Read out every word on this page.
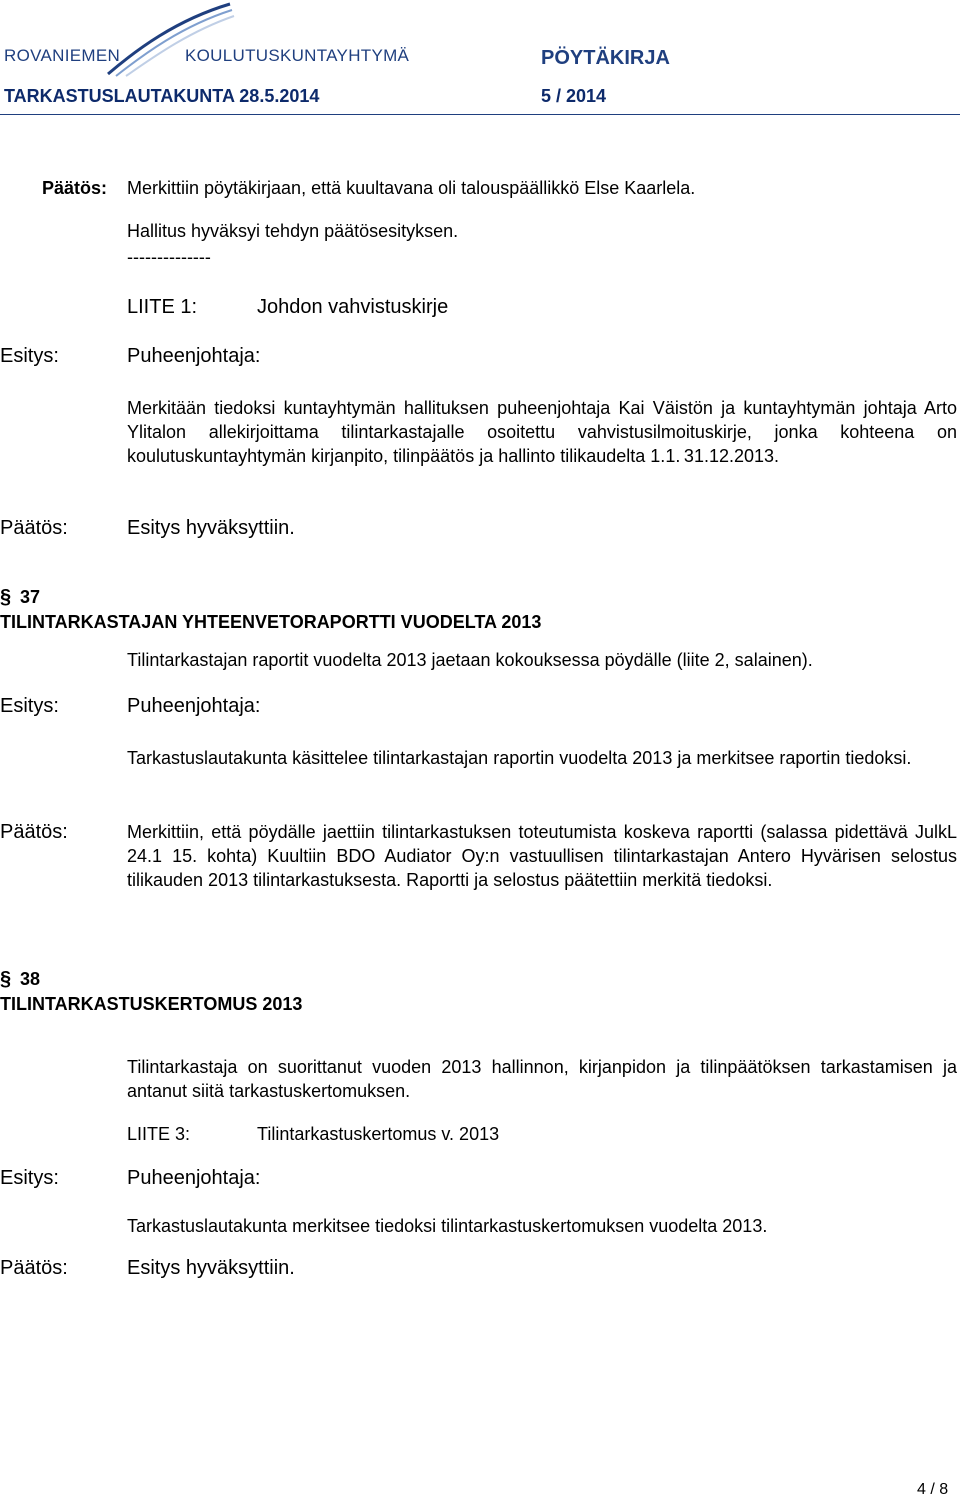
ROVANIEMEN	KOULUTUSKUNTAYHTYMÄ	PÖYTÄKIRJA
TARKASTUSLAUTAKUNTA 28.5.2014	5 / 2014
Päätös: Merkittiin pöytäkirjaan, että kuultavana oli talouspäällikkö Else Kaarlela.
Hallitus hyväksyi tehdyn päätösesityksen.
--------------
LIITE 1:	Johdon vahvistuskirje
Esitys:	Puheenjohtaja:
Merkitään tiedoksi kuntayhtymän hallituksen puheenjohtaja Kai Väistön ja kuntayhtymän johtaja Arto Ylitalon allekirjoittama tilintarkastajalle osoitettu vahvistusilmoituskirje, jonka kohteena on koulutuskuntayhtymän kirjanpito, tilinpäätös ja hallinto tilikaudelta 1.1. 31.12.2013.
Päätös:	Esitys hyväksyttiin.
§ 37
TILINTARKASTAJAN YHTEENVETORAPORTTI VUODELTA 2013
Tilintarkastajan raportit vuodelta 2013 jaetaan kokouksessa pöydälle (liite 2, salainen).
Esitys:	Puheenjohtaja:
Tarkastuslautakunta käsittelee tilintarkastajan raportin vuodelta 2013 ja merkitsee raportin tiedoksi.
Päätös:	Merkittiin, että pöydälle jaettiin tilintarkastuksen toteutumista koskeva raportti (salassa pidettävä JulkL 24.1 15. kohta) Kuultiin BDO Audiator Oy:n vastuullisen tilintarkastajan Antero Hyvärisen selostus tilikauden 2013 tilintarkastuksesta. Raportti ja selostus päätettiin merkitä tiedoksi.
§ 38
TILINTARKASTUSKERTOMUS 2013
Tilintarkastaja on suorittanut vuoden 2013 hallinnon, kirjanpidon ja tilinpäätöksen tarkastamisen ja antanut siitä tarkastuskertomuksen.
LIITE 3:	Tilintarkastuskertomus v. 2013
Esitys:	Puheenjohtaja:
Tarkastuslautakunta merkitsee tiedoksi tilintarkastuskertomuksen vuodelta 2013.
Päätös:	Esitys hyväksyttiin.
4 / 8
